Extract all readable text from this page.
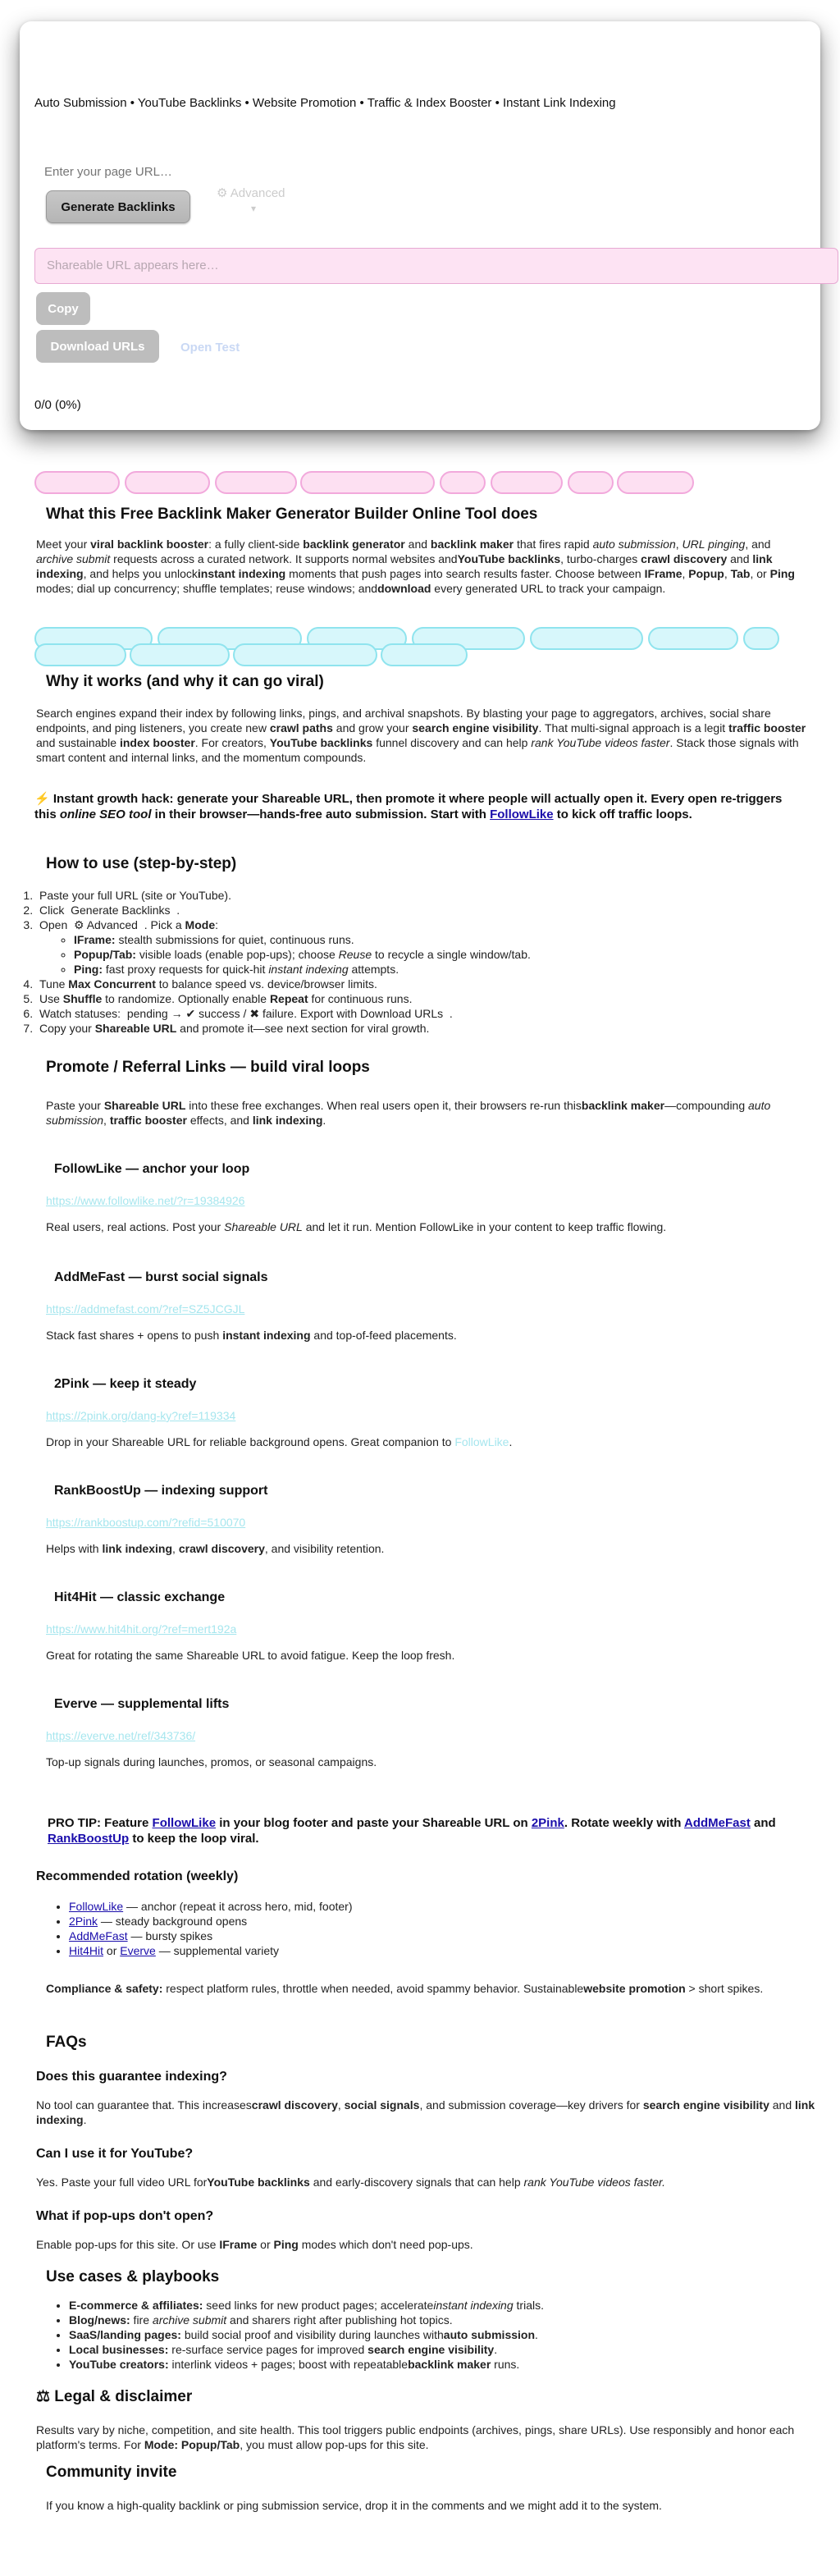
Auto Submission • YouTube Backlinks • Website Promotion • Traffic & Index Booster • Instant Link Indexing
Enter your page URL…
Generate Backlinks
⚙ Advanced
▾
Shareable URL appears here…
Copy
Download URLs	Open Test
0/0 (0%)
What this Free Backlink Maker Generator Builder Online Tool does

Meet your viral backlink booster: a fully client-side backlink generator and backlink maker that fires rapid auto submission, URL pinging, and archive submit requests across a curated network. It supports normal websites andYouTube backlinks, turbo-charges crawl discovery and link indexing, and helps you unlockinstant indexing moments that push pages into search results faster. Choose between IFrame, Popup, Tab, or Ping modes; dial up concurrency; shuffle templates; reuse windows; anddownload every generated URL to track your campaign.

Why it works (and why it can go viral)

Search engines expand their index by following links, pings, and archival snapshots. By blasting your page to aggregators, archives, social share endpoints, and ping listeners, you create new crawl paths and grow your search engine visibility. That multi-signal approach is a legit traffic booster and sustainable index booster. For creators, YouTube backlinks funnel discovery and can help rank YouTube videos faster. Stack those signals with smart content and internal links, and the momentum compounds.

⚡ Instant growth hack: generate your Shareable URL, then promote it where people will actually open it. Every open re-triggers this online SEO tool in their browser—hands-free auto submission. Start with FollowLike to kick off traffic loops.
How to use (step-by-step)
1. Paste your full URL (site or YouTube).
2. Click  Generate Backlinks  .
3. Open  ⚙ Advanced  . Pick a Mode:
◦ IFrame: stealth submissions for quiet, continuous runs.
◦ Popup/Tab: visible loads (enable pop-ups); choose Reuse to recycle a single window/tab.
◦ Ping: fast proxy requests for quick-hit instant indexing attempts.
4. Tune Max Concurrent to balance speed vs. device/browser limits.
5. Use Shuffle to randomize. Optionally enable Repeat for continuous runs.
6. Watch statuses:  pending → ✔ success / ✖ failure. Export with Download URLs  .
7. Copy your Shareable URL and promote it—see next section for viral growth.
Promote / Referral Links — build viral loops

Paste your Shareable URL into these free exchanges. When real users open it, their browsers re-run thisbacklink maker—compounding auto submission, traffic booster effects, and link indexing.

FollowLike — anchor your loop
https://www.followlike.net/?r=19384926

Real users, real actions. Post your Shareable URL and let it run. Mention FollowLike in your content to keep traffic flowing.

AddMeFast — burst social signals
https://addmefast.com/?ref=SZ5JCGJL

Stack fast shares + opens to push instant indexing and top-of-feed placements.

2Pink — keep it steady
https://2pink.org/dang-ky?ref=119334

Drop in your Shareable URL for reliable background opens. Great companion to FollowLike.

RankBoostUp — indexing support
https://rankboostup.com/?refid=510070

Helps with link indexing, crawl discovery, and visibility retention.

Hit4Hit — classic exchange
https://www.hit4hit.org/?ref=mert192a

Great for rotating the same Shareable URL to avoid fatigue. Keep the loop fresh.

Everve — supplemental lifts
https://everve.net/ref/343736/

Top-up signals during launches, promos, or seasonal campaigns.

PRO TIP: Feature FollowLike in your blog footer and paste your Shareable URL on 2Pink. Rotate weekly with AddMeFast and RankBoostUp to keep the loop viral.
Recommended rotation (weekly)
• FollowLike — anchor (repeat it across hero, mid, footer)
• 2Pink — steady background opens
• AddMeFast — bursty spikes
• Hit4Hit or Everve — supplemental variety
Compliance & safety: respect platform rules, throttle when needed, avoid spammy behavior. Sustainablewebsite promotion > short spikes.
FAQs
Does this guarantee indexing?

No tool can guarantee that. This increasescrawl discovery, social signals, and submission coverage—key drivers for search engine visibility and link indexing.

Can I use it for YouTube?

Yes. Paste your full video URL forYouTube backlinks and early-discovery signals that can help rank YouTube videos faster.

What if pop-ups don't open?

Enable pop-ups for this site. Or use IFrame or Ping modes which don't need pop-ups.

Use cases & playbooks
• E-commerce & affiliates: seed links for new product pages; accelerateinstant indexing trials.
• Blog/news: fire archive submit and sharers right after publishing hot topics.
• SaaS/landing pages: build social proof and visibility during launches withauto submission.
• Local businesses: re-surface service pages for improved search engine visibility.
• YouTube creators: interlink videos + pages; boost with repeatablebacklink maker runs.
⚖ Legal & disclaimer

Results vary by niche, competition, and site health. This tool triggers public endpoints (archives, pings, share URLs). Use responsibly and honor each platform's terms. For Mode: Popup/Tab, you must allow pop-ups for this site.

Community invite

If you know a high-quality backlink or ping submission service, drop it in the comments and we might add it to the system.
